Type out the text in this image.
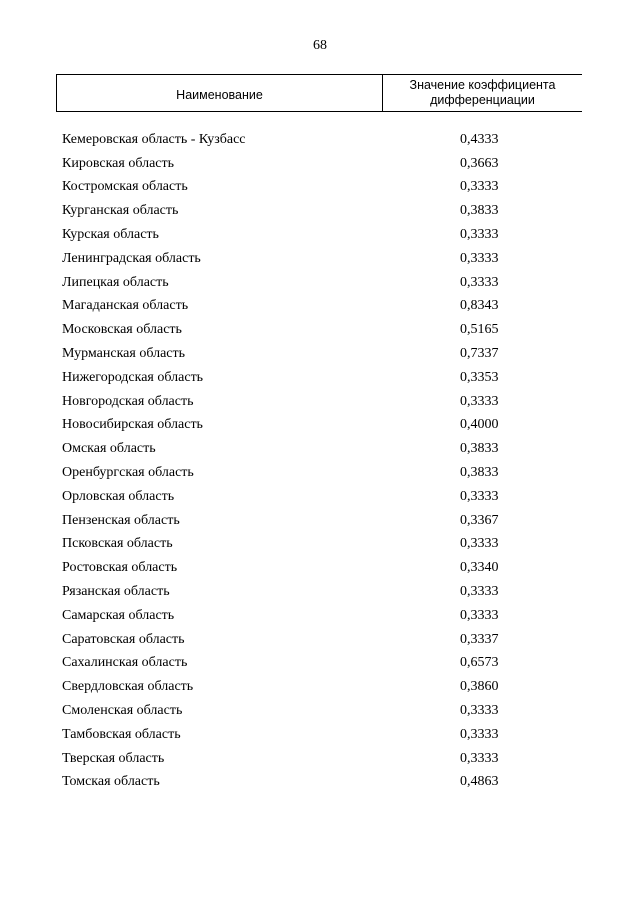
68
Наименование
Значение коэффициента дифференциации
Кемеровская область - Кузбасс	0,4333
Кировская область	0,3663
Костромская область	0,3333
Курганская область	0,3833
Курская область	0,3333
Ленинградская область	0,3333
Липецкая область	0,3333
Магаданская область	0,8343
Московская область	0,5165
Мурманская область	0,7337
Нижегородская область	0,3353
Новгородская область	0,3333
Новосибирская область	0,4000
Омская область	0,3833
Оренбургская область	0,3833
Орловская область	0,3333
Пензенская область	0,3367
Псковская область	0,3333
Ростовская область	0,3340
Рязанская область	0,3333
Самарская область	0,3333
Саратовская область	0,3337
Сахалинская область	0,6573
Свердловская область	0,3860
Смоленская область	0,3333
Тамбовская область	0,3333
Тверская область	0,3333
Томская область	0,4863
